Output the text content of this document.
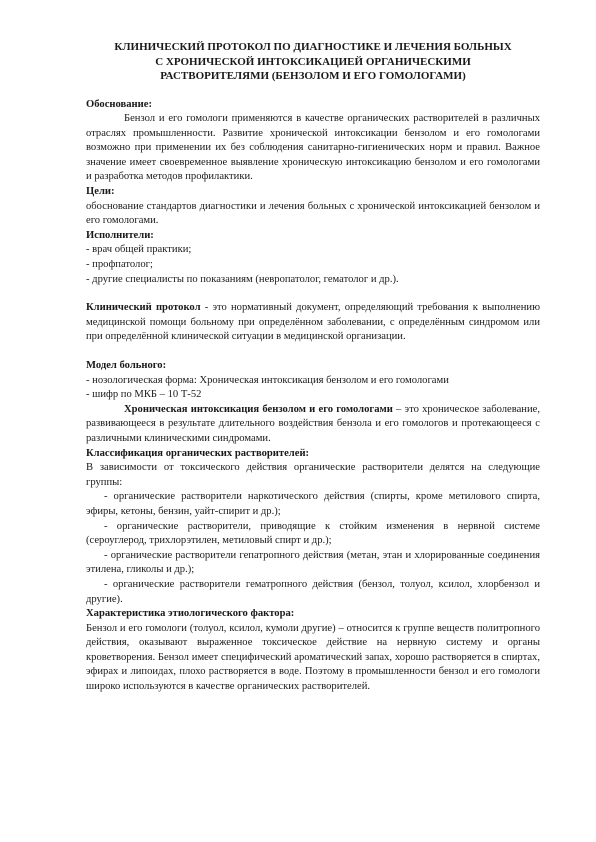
КЛИНИЧЕСКИЙ ПРОТОКОЛ ПО ДИАГНОСТИКЕ И ЛЕЧЕНИЯ БОЛЬНЫХ
С ХРОНИЧЕСКОЙ ИНТОКСИКАЦИЕЙ ОРГАНИЧЕСКИМИ
РАСТВОРИТЕЛЯМИ (БЕНЗОЛОМ И ЕГО ГОМОЛОГАМИ)
Обоснование:

Бензол и его гомологи применяются в качестве органических растворителей в различных отраслях промышленности. Развитие хронической интоксикации бензолом и его гомологами возможно при применении их без соблюдения санитарно-гигиенических норм и правил. Важное значение имеет своевременное выявление хроническую интоксикацию бензолом и его гомологами и разработка методов профилактики.

Цели:

обоснование стандартов диагностики и лечения больных с хронической интоксикацией бензолом и его гомологами.

Исполнители:
- врач общей практики;
- профпатолог;
- другие специалисты по показаниям (невропатолог, гематолог и др.).

Клинический протокол - это нормативный документ, определяющий требования к выполнению медицинской помощи больному при определённом заболевании, с определённым синдромом или при определённой клинической ситуации в медицинской организации.

Модел больного:
- нозологическая форма: Хроническая интоксикация бензолом и его гомологами
- шифр по МКБ – 10 Т-52

Хроническая интоксикация бензолом и его гомологами – это хроническое заболевание, развивающееся в результате длительного воздействия бензола и его гомологов и протекающееся с различными клиническими синдромами.

Классификация органических растворителей:

В зависимости от токсического действия органические растворители делятся на следующие группы:

- органические растворители наркотического действия (спирты, кроме метилового спирта, эфиры, кетоны, бензин, уайт-спирит и др.);

- органические растворители, приводящие к стойким изменения в нервной системе (сероуглерод, трихлорэтилен, метиловый спирт и др.);

- органические растворители гепатропного действия (метан, этан и хлорированные соединения этилена, гликолы и др.);

- органические растворители гематропного действия (бензол, толуол, ксилол, хлорбензол и другие).

Характеристика этиологического фактора:

Бензол и его гомологи (толуол, ксилол, кумоли другие) – относится к группе веществ политропного действия, оказывают выраженное токсическое действие на нервную систему и органы кроветворения. Бензол имеет специфический ароматический запах, хорошо растворяется в спиртах, эфирах и липоидах, плохо растворяется в воде. Поэтому в промышленности бензол и его гомологи широко используются в качестве органических растворителей.
